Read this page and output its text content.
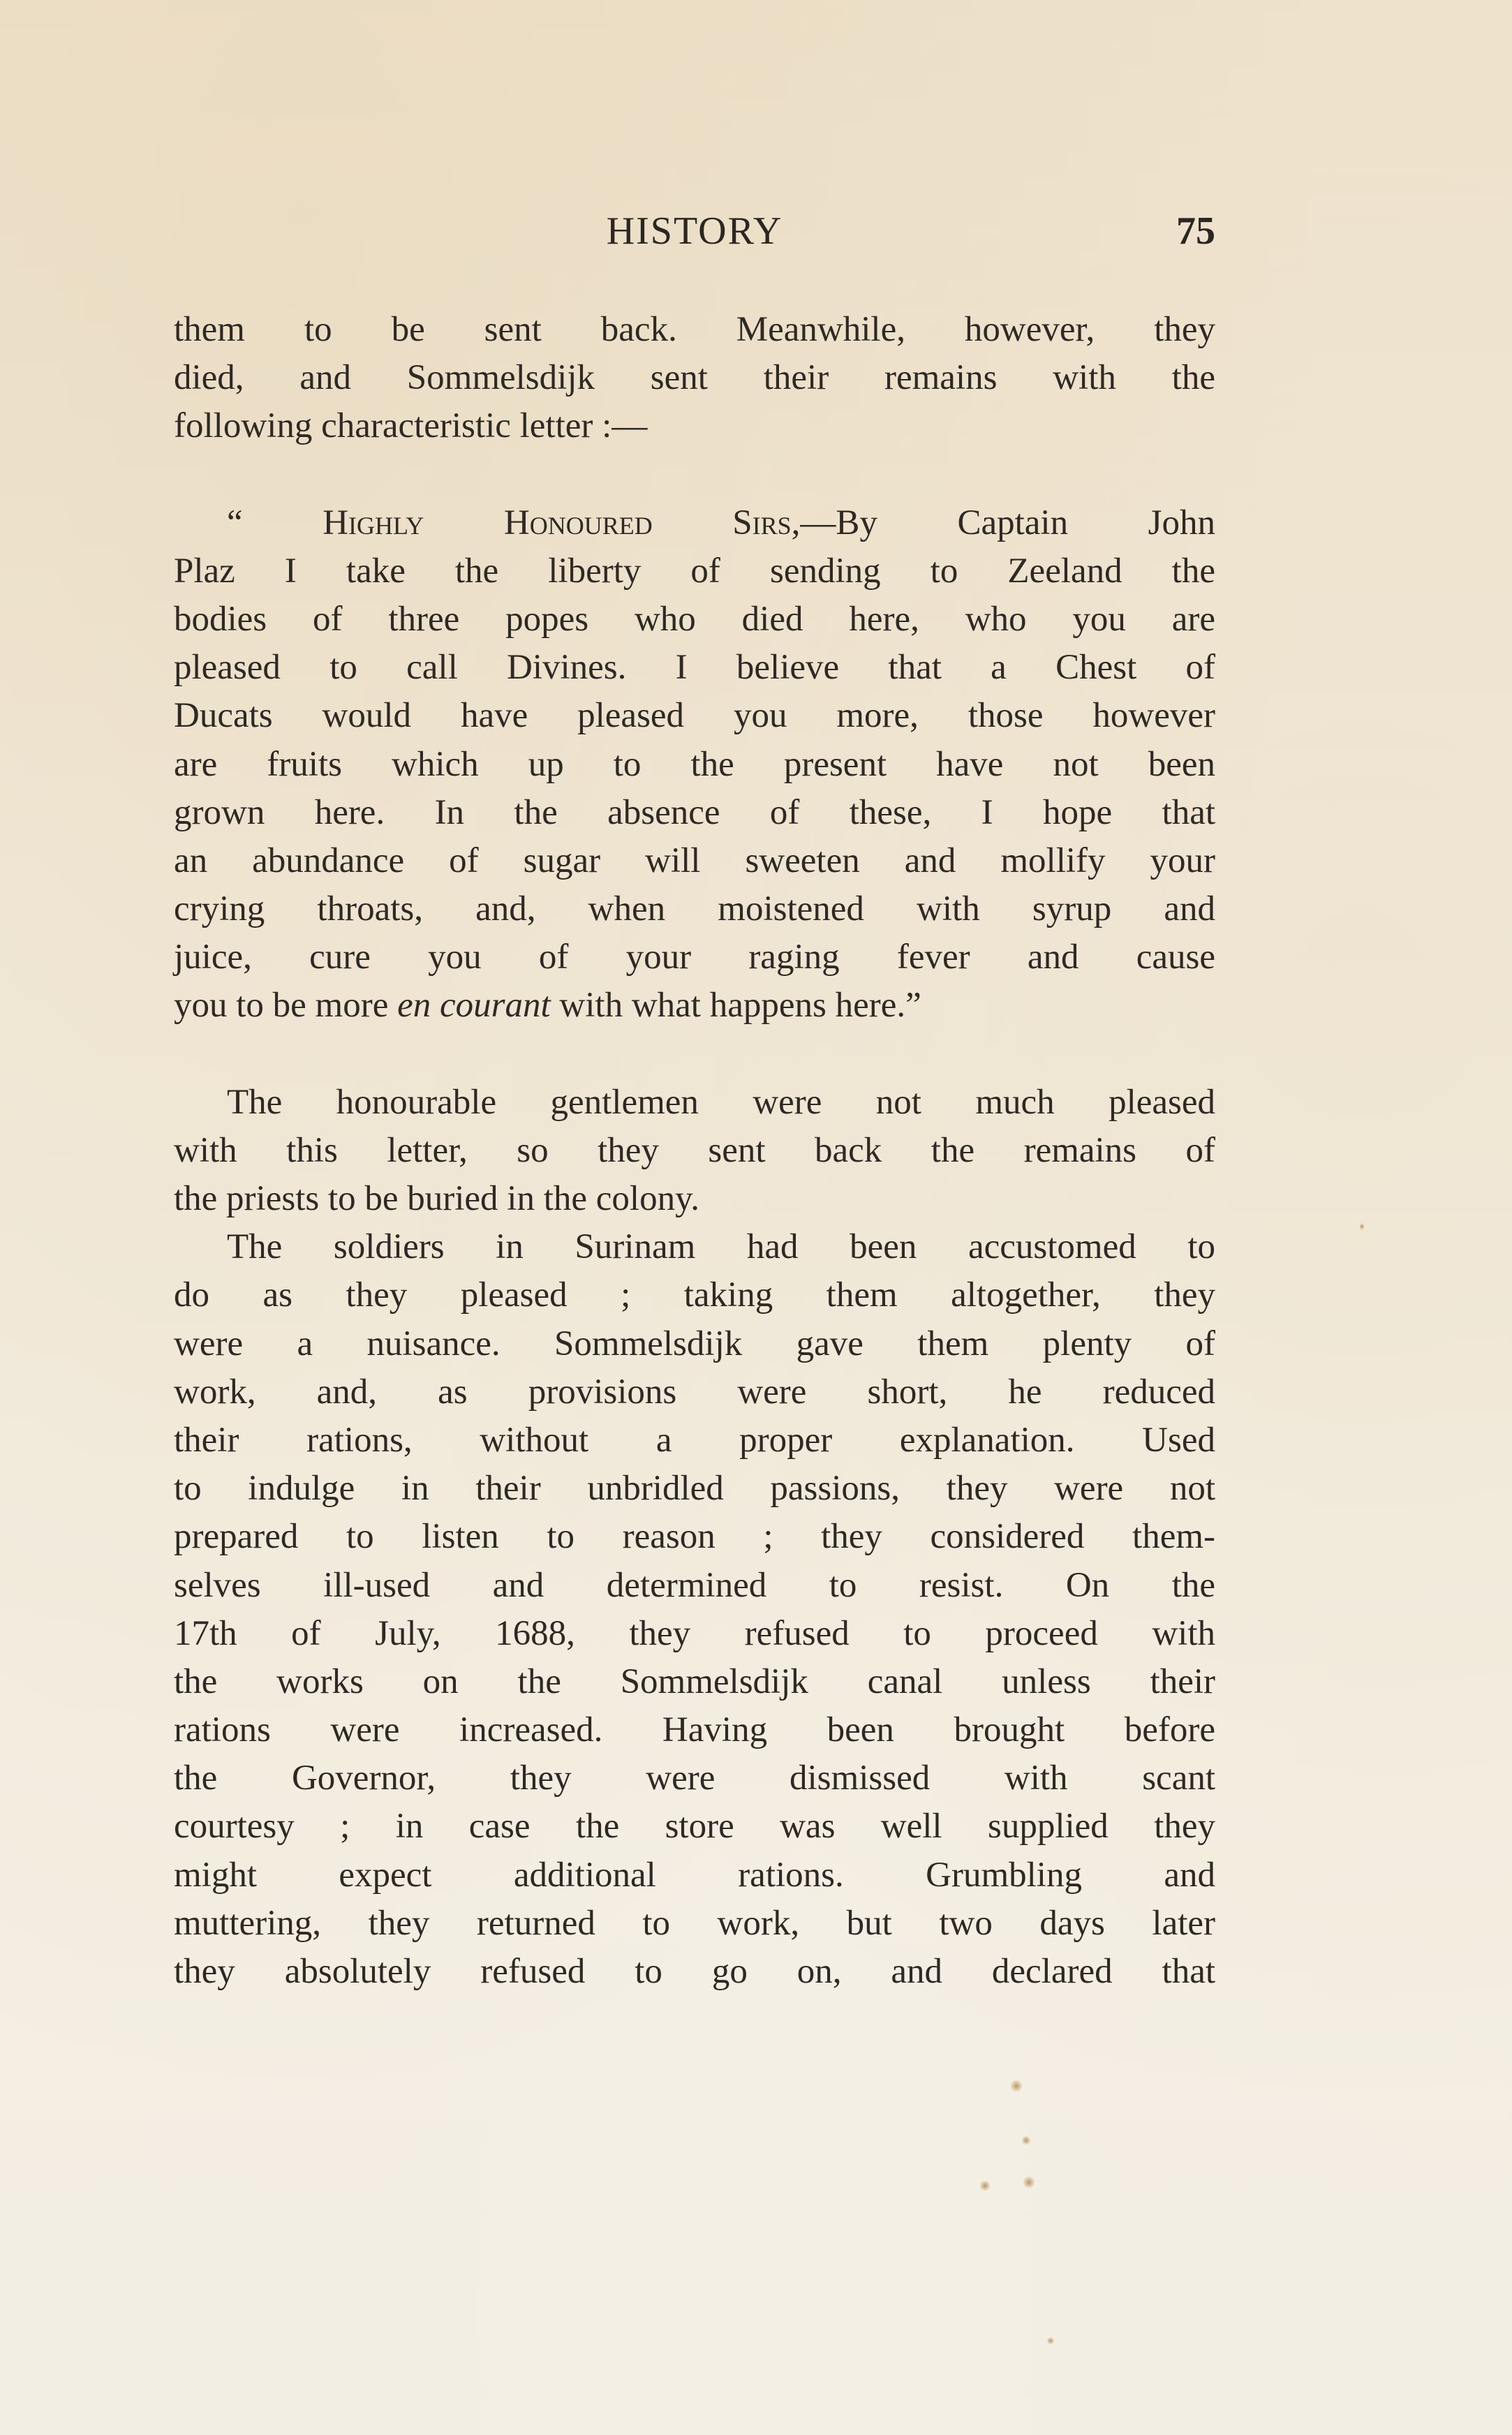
HISTORY	75
them to be sent back. Meanwhile, however, they
died, and Sommelsdijk sent their remains with the
following characteristic letter :—
“ Highly Honoured Sirs,—By Captain John
Plaz I take the liberty of sending to Zeeland the
bodies of three popes who died here, who you are
pleased to call Divines. I believe that a Chest of
Ducats would have pleased you more, those however
are fruits which up to the present have not been
grown here. In the absence of these, I hope that
an abundance of sugar will sweeten and mollify your
crying throats, and, when moistened with syrup and
juice, cure you of your raging fever and cause
you to be more en courant with what happens here.”
The honourable gentlemen were not much pleased
with this letter, so they sent back the remains of
the priests to be buried in the colony.
The soldiers in Surinam had been accustomed to
do as they pleased ; taking them altogether, they
were a nuisance. Sommelsdijk gave them plenty of
work, and, as provisions were short, he reduced
their rations, without a proper explanation. Used
to indulge in their unbridled passions, they were not
prepared to listen to reason ; they considered them-
selves ill-used and determined to resist. On the
17th of July, 1688, they refused to proceed with
the works on the Sommelsdijk canal unless their
rations were increased. Having been brought before
the Governor, they were dismissed with scant
courtesy ; in case the store was well supplied they
might expect additional rations. Grumbling and
muttering, they returned to work, but two days later
they absolutely refused to go on, and declared that
